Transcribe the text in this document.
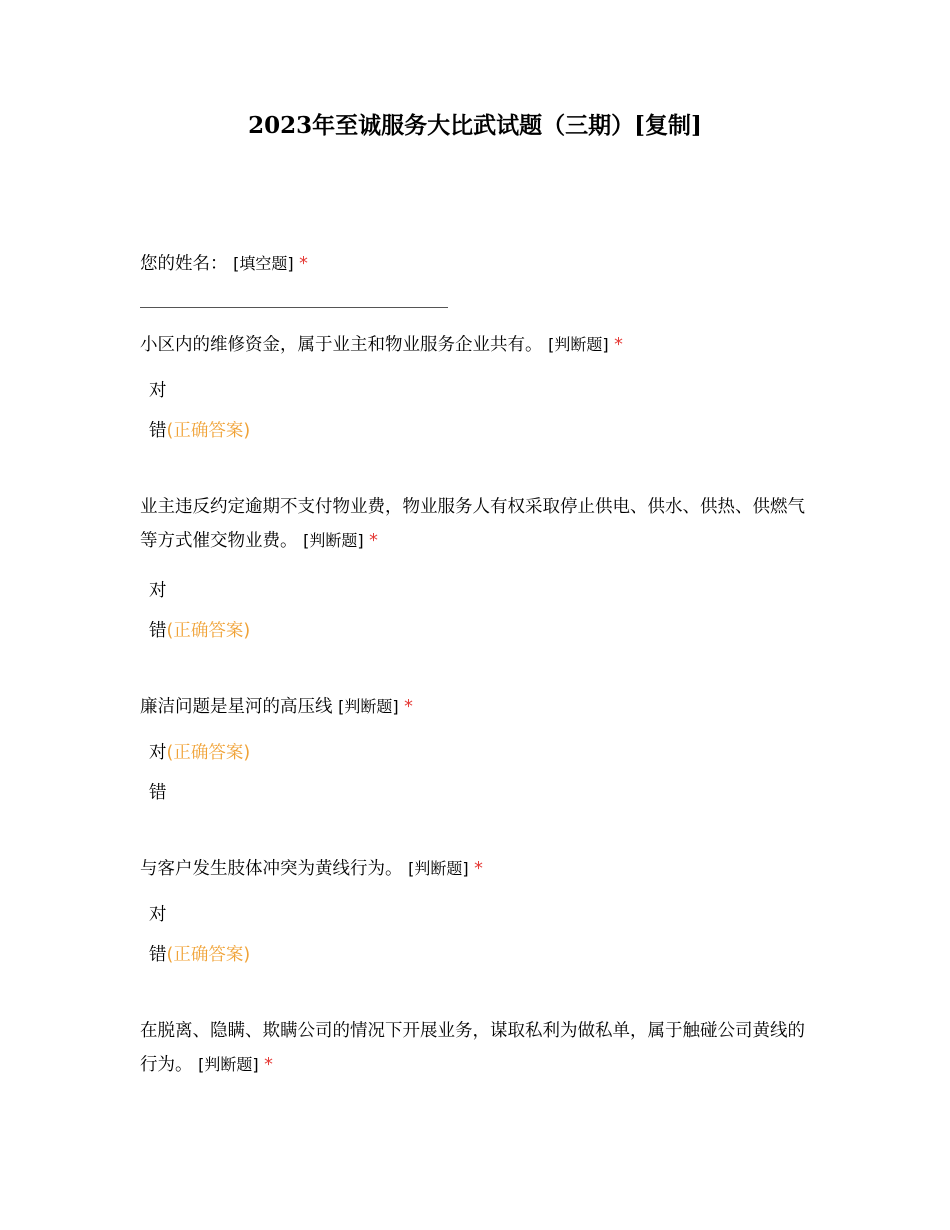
2023年至诚服务大比武试题（三期）[复制]

您的姓名： [填空题] *

小区内的维修资金，属于业主和物业服务企业共有。 [判断题] *

对
错(正确答案)

业主违反约定逾期不支付物业费，物业服务人有权采取停止供电、供水、供热、供燃气等方式催交物业费。 [判断题] *

对
错(正确答案)

廉洁问题是星河的高压线 [判断题] *

对(正确答案)
错

与客户发生肢体冲突为黄线行为。 [判断题] *

对
错(正确答案)

在脱离、隐瞒、欺瞒公司的情况下开展业务，谋取私利为做私单，属于触碰公司黄线的行为。 [判断题] *
